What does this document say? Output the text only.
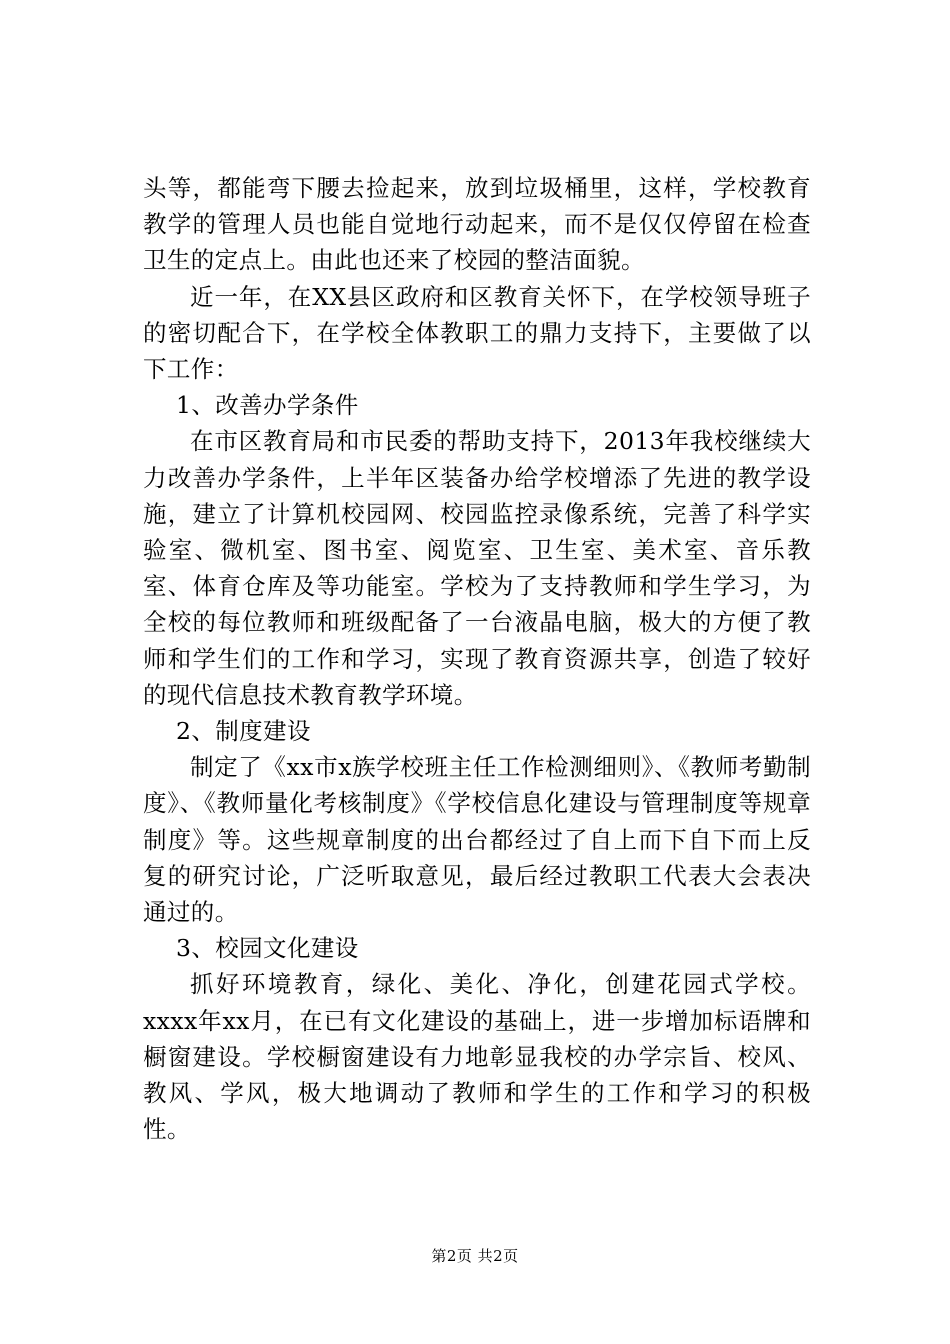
头等，都能弯下腰去捡起来，放到垃圾桶里，这样，学校教育教学的管理人员也能自觉地行动起来，而不是仅仅停留在检查卫生的定点上。由此也还来了校园的整洁面貌。

近一年，在XX县区政府和区教育关怀下，在学校领导班子的密切配合下，在学校全体教职工的鼎力支持下，主要做了以下工作：

1、改善办学条件

在市区教育局和市民委的帮助支持下，2013年我校继续大力改善办学条件，上半年区装备办给学校增添了先进的教学设施，建立了计算机校园网、校园监控录像系统，完善了科学实验室、微机室、图书室、阅览室、卫生室、美术室、音乐教室、体育仓库及等功能室。学校为了支持教师和学生学习，为全校的每位教师和班级配备了一台液晶电脑，极大的方便了教师和学生们的工作和学习，实现了教育资源共享，创造了较好的现代信息技术教育教学环境。

2、制度建设

制定了《xx市x族学校班主任工作检测细则》、《教师考勤制度》、《教师量化考核制度》《学校信息化建设与管理制度等规章制度》等。这些规章制度的出台都经过了自上而下自下而上反复的研究讨论，广泛听取意见，最后经过教职工代表大会表决通过的。

3、校园文化建设

抓好环境教育，绿化、美化、净化，创建花园式学校。xxxx年xx月，在已有文化建设的基础上，进一步增加标语牌和橱窗建设。学校橱窗建设有力地彰显我校的办学宗旨、校风、教风、学风，极大地调动了教师和学生的工作和学习的积极性。

第2页 共2页
